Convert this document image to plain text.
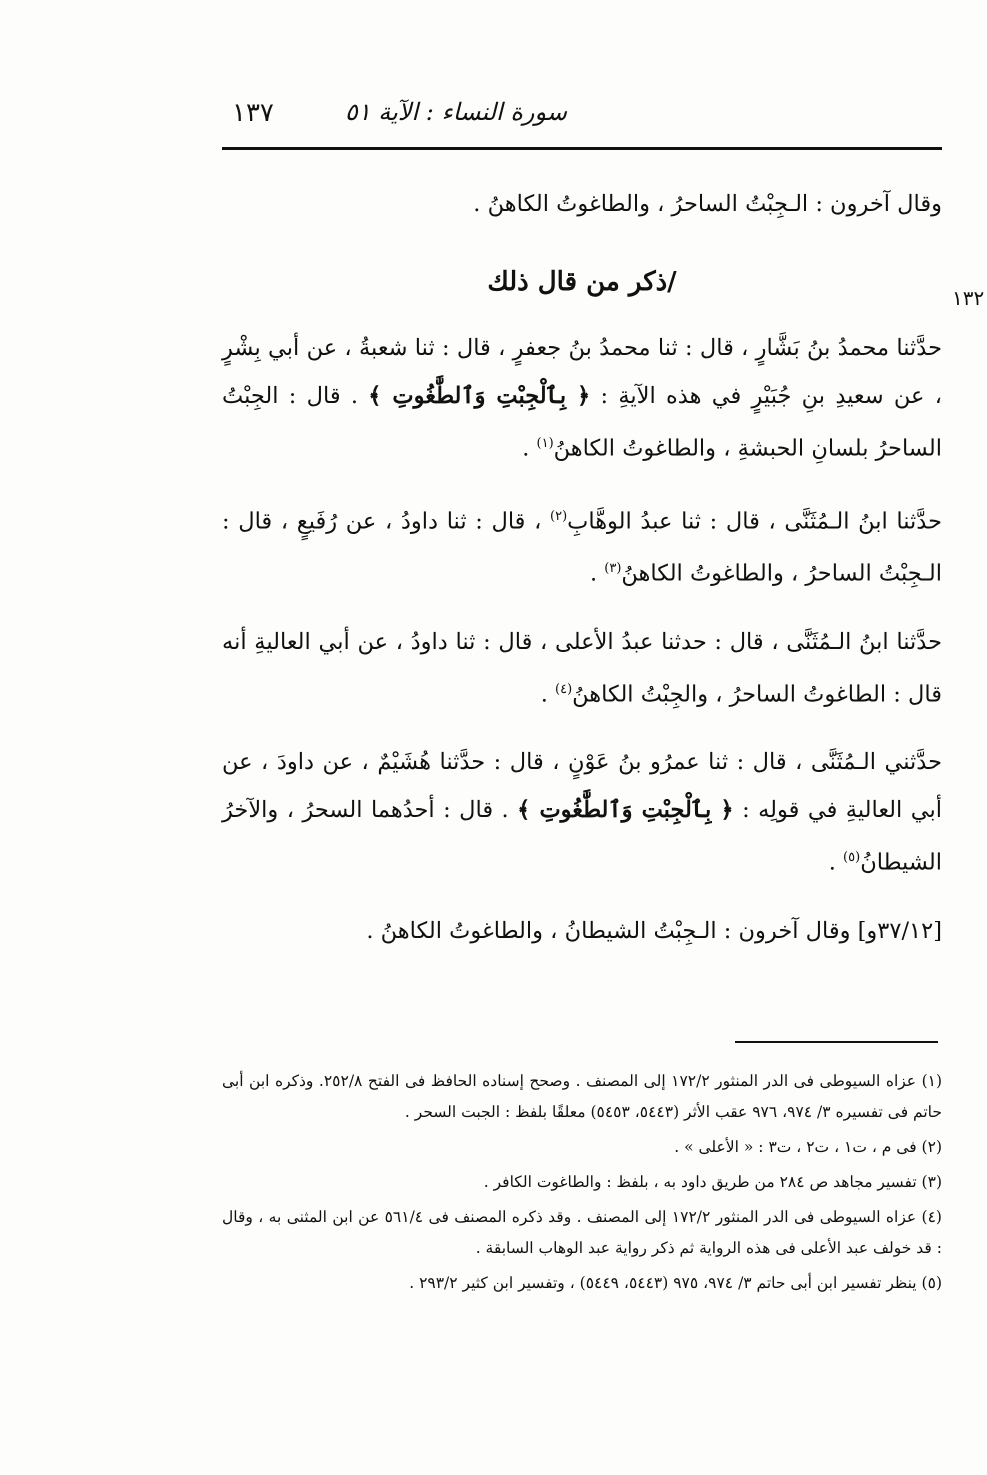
١٣٧	سورة النساء : الآية ٥١
١٣٢

وقال آخرون : الـجِبْتُ الساحرُ ، والطاغوتُ الكاهنُ .

/ذكر من قال ذلك

حدَّثنا محمدُ بنُ بَشَّارٍ ، قال : ثنا محمدُ بنُ جعفرٍ ، قال : ثنا شعبةُ ، عن أبي بِشْرٍ ، عن سعيدِ بنِ جُبَيْرٍ في هذه الآيةِ : ﴿ بِٱلْجِبْتِ وَٱلطَّٰغُوتِ ﴾ . قال : الجِبْتُ الساحرُ بلسانِ الحبشةِ ، والطاغوتُ الكاهنُ$^{(١)}$ .

حدَّثنا ابنُ الـمُثَنَّى ، قال : ثنا عبدُ الوهَّابِ$^{(٢)}$ ، قال : ثنا داودُ ، عن رُفَيعٍ ، قال : الـجِبْتُ الساحرُ ، والطاغوتُ الكاهنُ$^{(٣)}$ .

حدَّثنا ابنُ الـمُثَنَّى ، قال : حدثنا عبدُ الأعلى ، قال : ثنا داودُ ، عن أبي العاليةِ أنه قال : الطاغوتُ الساحرُ ، والجِبْتُ الكاهنُ$^{(٤)}$ .

حدَّثني الـمُثَنَّى ، قال : ثنا عمرُو بنُ عَوْنٍ ، قال : حدَّثنا هُشَيْمٌ ، عن داودَ ، عن أبي العاليةِ في قولِه : ﴿ بِٱلْجِبْتِ وَٱلطَّٰغُوتِ ﴾ . قال : أحدُهما السحرُ ، والآخرُ الشيطانُ$^{(٥)}$ .

[٣٧/١٢و] وقال آخرون : الـجِبْتُ الشيطانُ ، والطاغوتُ الكاهنُ .

(١) عزاه السيوطى فى الدر المنثور ١٧٢/٢ إلى المصنف . وصحح إسناده الحافظ فى الفتح ٢٥٢/٨. وذكره ابن أبى حاتم فى تفسيره ٣/ ٩٧٤، ٩٧٦ عقب الأثر (٥٤٤٣، ٥٤٥٣) معلقًا بلفظ : الجبت السحر .
(٢) فى م ، ت١ ، ت٢ ، ت٣ : « الأعلى » .
(٣) تفسير مجاهد ص ٢٨٤ من طريق داود به ، بلفظ : والطاغوت الكافر .
(٤) عزاه السيوطى فى الدر المنثور ١٧٢/٢ إلى المصنف . وقد ذكره المصنف فى ٥٦١/٤ عن ابن المثنى به ، وقال : قد خولف عبد الأعلى فى هذه الرواية ثم ذكر رواية عبد الوهاب السابقة .
(٥) ينظر تفسير ابن أبى حاتم ٣/ ٩٧٤، ٩٧٥ (٥٤٤٣، ٥٤٤٩) ، وتفسير ابن كثير ٢٩٣/٢ .
